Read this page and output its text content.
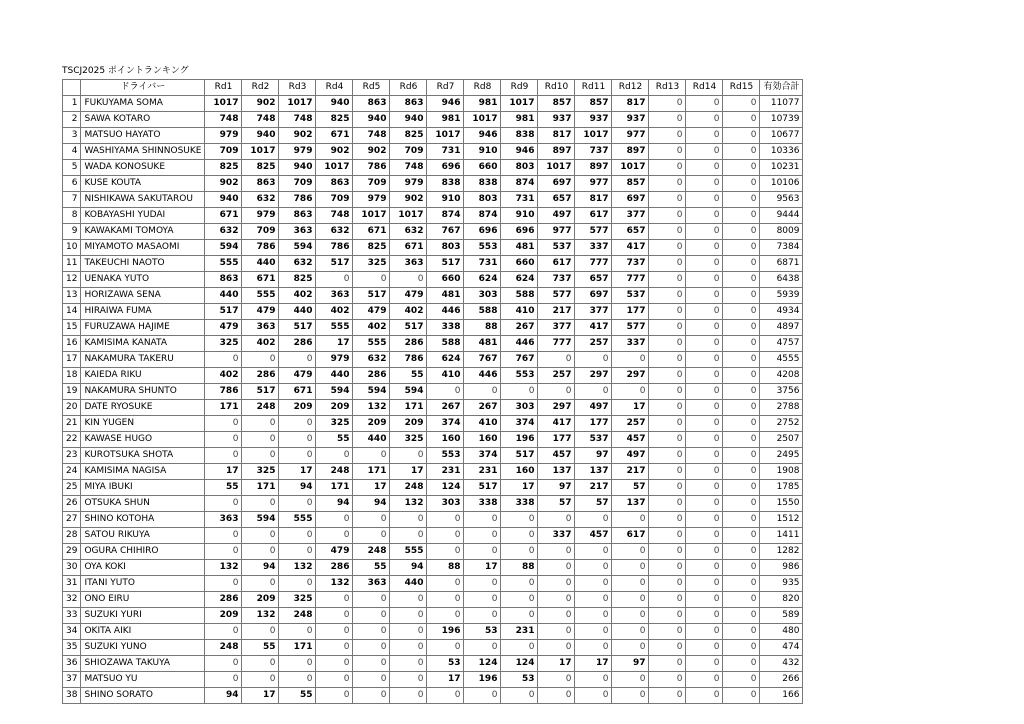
TSCJ2025 ポイントランキング
	ドライバー	Rd1	Rd2	Rd3	Rd4	Rd5	Rd6	Rd7	Rd8	Rd9	Rd10	Rd11	Rd12	Rd13	Rd14	Rd15	有効合計
1	FUKUYAMA SOMA	1017	902	1017	940	863	863	946	981	1017	857	857	817	0	0	0	11077
2	SAWA KOTARO	748	748	748	825	940	940	981	1017	981	937	937	937	0	0	0	10739
3	MATSUO HAYATO	979	940	902	671	748	825	1017	946	838	817	1017	977	0	0	0	10677
4	WASHIYAMA SHINNOSUKE	709	1017	979	902	902	709	731	910	946	897	737	897	0	0	0	10336
5	WADA KONOSUKE	825	825	940	1017	786	748	696	660	803	1017	897	1017	0	0	0	10231
6	KUSE KOUTA	902	863	709	863	709	979	838	838	874	697	977	857	0	0	0	10106
7	NISHIKAWA SAKUTAROU	940	632	786	709	979	902	910	803	731	657	817	697	0	0	0	9563
8	KOBAYASHI YUDAI	671	979	863	748	1017	1017	874	874	910	497	617	377	0	0	0	9444
9	KAWAKAMI TOMOYA	632	709	363	632	671	632	767	696	696	977	577	657	0	0	0	8009
10	MIYAMOTO MASAOMI	594	786	594	786	825	671	803	553	481	537	337	417	0	0	0	7384
11	TAKEUCHI NAOTO	555	440	632	517	325	363	517	731	660	617	777	737	0	0	0	6871
12	UENAKA YUTO	863	671	825	0	0	0	660	624	624	737	657	777	0	0	0	6438
13	HORIZAWA SENA	440	555	402	363	517	479	481	303	588	577	697	537	0	0	0	5939
14	HIRAIWA FUMA	517	479	440	402	479	402	446	588	410	217	377	177	0	0	0	4934
15	FURUZAWA HAJIME	479	363	517	555	402	517	338	88	267	377	417	577	0	0	0	4897
16	KAMISIMA KANATA	325	402	286	17	555	286	588	481	446	777	257	337	0	0	0	4757
17	NAKAMURA TAKERU	0	0	0	979	632	786	624	767	767	0	0	0	0	0	0	4555
18	KAIEDA RIKU	402	286	479	440	286	55	410	446	553	257	297	297	0	0	0	4208
19	NAKAMURA SHUNTO	786	517	671	594	594	594	0	0	0	0	0	0	0	0	0	3756
20	DATE RYOSUKE	171	248	209	209	132	171	267	267	303	297	497	17	0	0	0	2788
21	KIN YUGEN	0	0	0	325	209	209	374	410	374	417	177	257	0	0	0	2752
22	KAWASE HUGO	0	0	0	55	440	325	160	160	196	177	537	457	0	0	0	2507
23	KUROTSUKA SHOTA	0	0	0	0	0	0	553	374	517	457	97	497	0	0	0	2495
24	KAMISIMA NAGISA	17	325	17	248	171	17	231	231	160	137	137	217	0	0	0	1908
25	MIYA IBUKI	55	171	94	171	17	248	124	517	17	97	217	57	0	0	0	1785
26	OTSUKA SHUN	0	0	0	94	94	132	303	338	338	57	57	137	0	0	0	1550
27	SHINO KOTOHA	363	594	555	0	0	0	0	0	0	0	0	0	0	0	0	1512
28	SATOU RIKUYA	0	0	0	0	0	0	0	0	0	337	457	617	0	0	0	1411
29	OGURA CHIHIRO	0	0	0	479	248	555	0	0	0	0	0	0	0	0	0	1282
30	OYA KOKI	132	94	132	286	55	94	88	17	88	0	0	0	0	0	0	986
31	ITANI YUTO	0	0	0	132	363	440	0	0	0	0	0	0	0	0	0	935
32	ONO EIRU	286	209	325	0	0	0	0	0	0	0	0	0	0	0	0	820
33	SUZUKI YURI	209	132	248	0	0	0	0	0	0	0	0	0	0	0	0	589
34	OKITA AIKI	0	0	0	0	0	0	196	53	231	0	0	0	0	0	0	480
35	SUZUKI YUNO	248	55	171	0	0	0	0	0	0	0	0	0	0	0	0	474
36	SHIOZAWA TAKUYA	0	0	0	0	0	0	53	124	124	17	17	97	0	0	0	432
37	MATSUO YU	0	0	0	0	0	0	17	196	53	0	0	0	0	0	0	266
38	SHINO SORATO	94	17	55	0	0	0	0	0	0	0	0	0	0	0	0	166
